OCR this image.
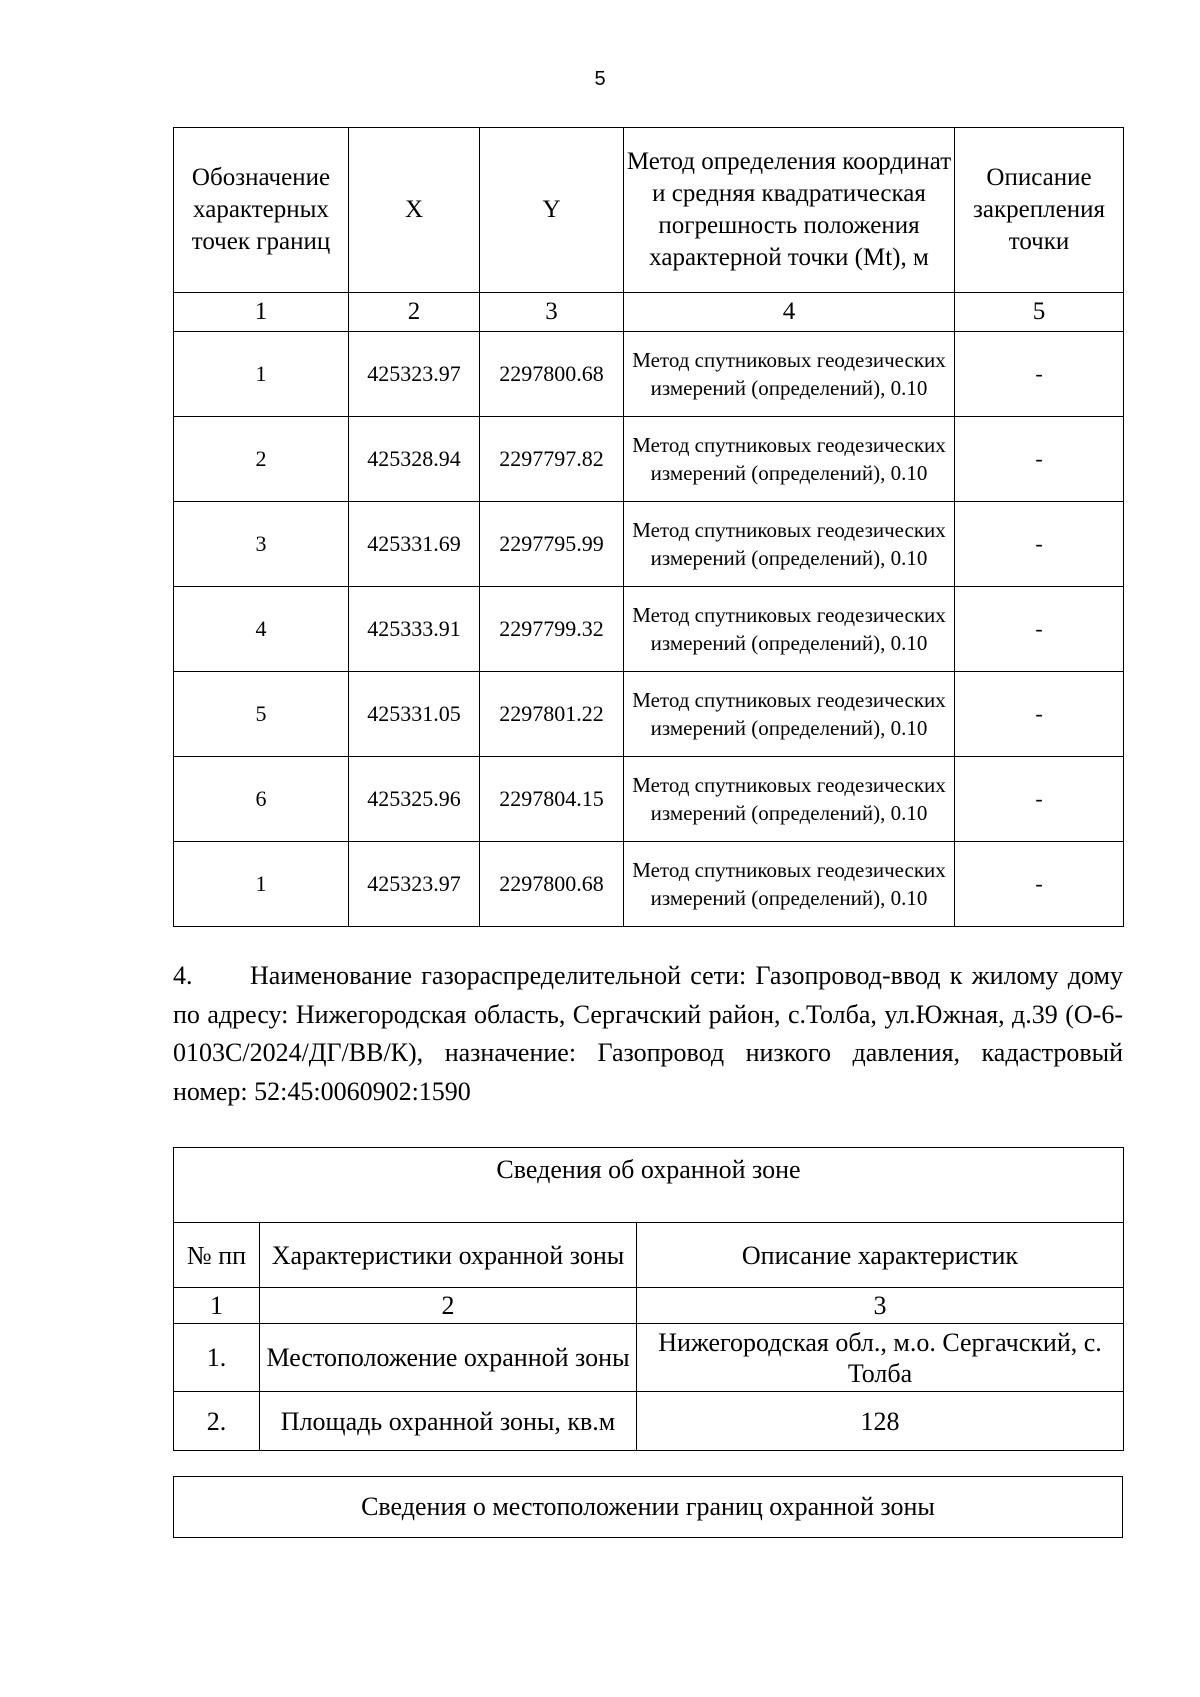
5
Обозначение характерных точек границ	X	Y	Метод определения координат и средняя квадратическая погрешность положения характерной точки (Mt), м	Описание закрепления точки
1	2	3	4	5
1	425323.97	2297800.68	Метод спутниковых геодезических измерений (определений), 0.10	-
2	425328.94	2297797.82	Метод спутниковых геодезических измерений (определений), 0.10	-
3	425331.69	2297795.99	Метод спутниковых геодезических измерений (определений), 0.10	-
4	425333.91	2297799.32	Метод спутниковых геодезических измерений (определений), 0.10	-
5	425331.05	2297801.22	Метод спутниковых геодезических измерений (определений), 0.10	-
6	425325.96	2297804.15	Метод спутниковых геодезических измерений (определений), 0.10	-
1	425323.97	2297800.68	Метод спутниковых геодезических измерений (определений), 0.10	-

4. Наименование газораспределительной сети: Газопровод-ввод к жилому дому по адресу: Нижегородская область, Сергачский район, с.Толба, ул.Южная, д.39 (О-6-0103С/2024/ДГ/ВВ/К), назначение: Газопровод низкого давления, кадастровый номер: 52:45:0060902:1590

Сведения об охранной зоне		
№ пп	Характеристики охранной зоны	Описание характеристик
1	2	3
1.	Местоположение охранной зоны	Нижегородская обл., м.о. Сергачский, с. Толба
2.	Площадь охранной зоны, кв.м	128
Сведения о местоположении границ охранной зоны
